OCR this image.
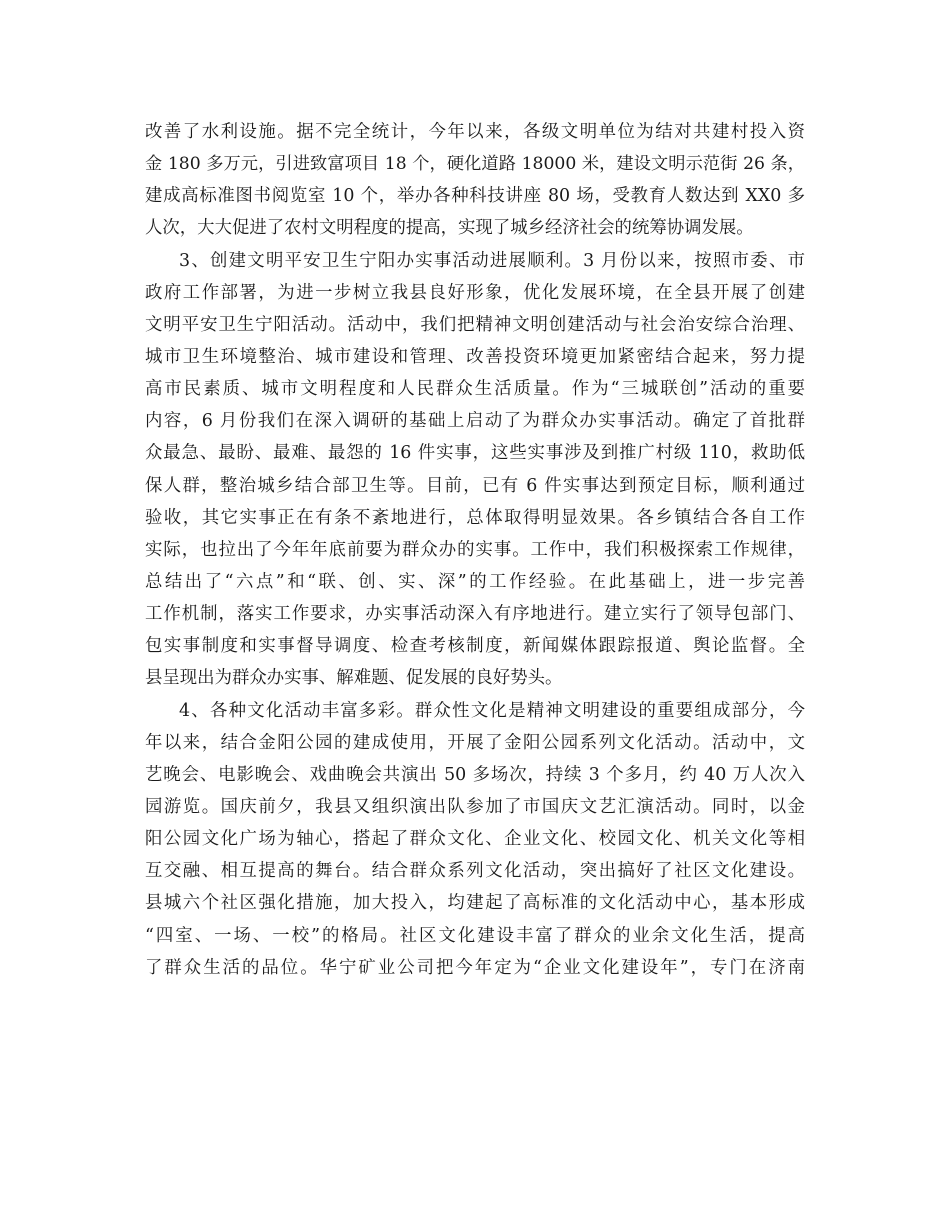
改善了水利设施。据不完全统计，今年以来，各级文明单位为结对共建村投入资
金 180 多万元，引进致富项目 18 个，硬化道路 18000 米，建设文明示范街 26 条，
建成高标准图书阅览室 10 个，举办各种科技讲座 80 场，受教育人数达到 XX0 多
人次，大大促进了农村文明程度的提高，实现了城乡经济社会的统筹协调发展。
3、创建文明平安卫生宁阳办实事活动进展顺利。3 月份以来，按照市委、市
政府工作部署，为进一步树立我县良好形象，优化发展环境，在全县开展了创建
文明平安卫生宁阳活动。活动中，我们把精神文明创建活动与社会治安综合治理、
城市卫生环境整治、城市建设和管理、改善投资环境更加紧密结合起来，努力提
高市民素质、城市文明程度和人民群众生活质量。作为“三城联创”活动的重要
内容，6 月份我们在深入调研的基础上启动了为群众办实事活动。确定了首批群
众最急、最盼、最难、最怨的 16 件实事，这些实事涉及到推广村级 110，救助低
保人群，整治城乡结合部卫生等。目前，已有 6 件实事达到预定目标，顺利通过
验收，其它实事正在有条不紊地进行，总体取得明显效果。各乡镇结合各自工作
实际，也拉出了今年年底前要为群众办的实事。工作中，我们积极探索工作规律，
总结出了“六点”和“联、创、实、深”的工作经验。在此基础上，进一步完善
工作机制，落实工作要求，办实事活动深入有序地进行。建立实行了领导包部门、
包实事制度和实事督导调度、检查考核制度，新闻媒体跟踪报道、舆论监督。全
县呈现出为群众办实事、解难题、促发展的良好势头。
4、各种文化活动丰富多彩。群众性文化是精神文明建设的重要组成部分，今
年以来，结合金阳公园的建成使用，开展了金阳公园系列文化活动。活动中，文
艺晚会、电影晚会、戏曲晚会共演出 50 多场次，持续 3 个多月，约 40 万人次入
园游览。国庆前夕，我县又组织演出队参加了市国庆文艺汇演活动。同时，以金
阳公园文化广场为轴心，搭起了群众文化、企业文化、校园文化、机关文化等相
互交融、相互提高的舞台。结合群众系列文化活动，突出搞好了社区文化建设。
县城六个社区强化措施，加大投入，均建起了高标准的文化活动中心，基本形成
“四室、一场、一校”的格局。社区文化建设丰富了群众的业余文化生活，提高
了群众生活的品位。华宁矿业公司把今年定为“企业文化建设年”，专门在济南
